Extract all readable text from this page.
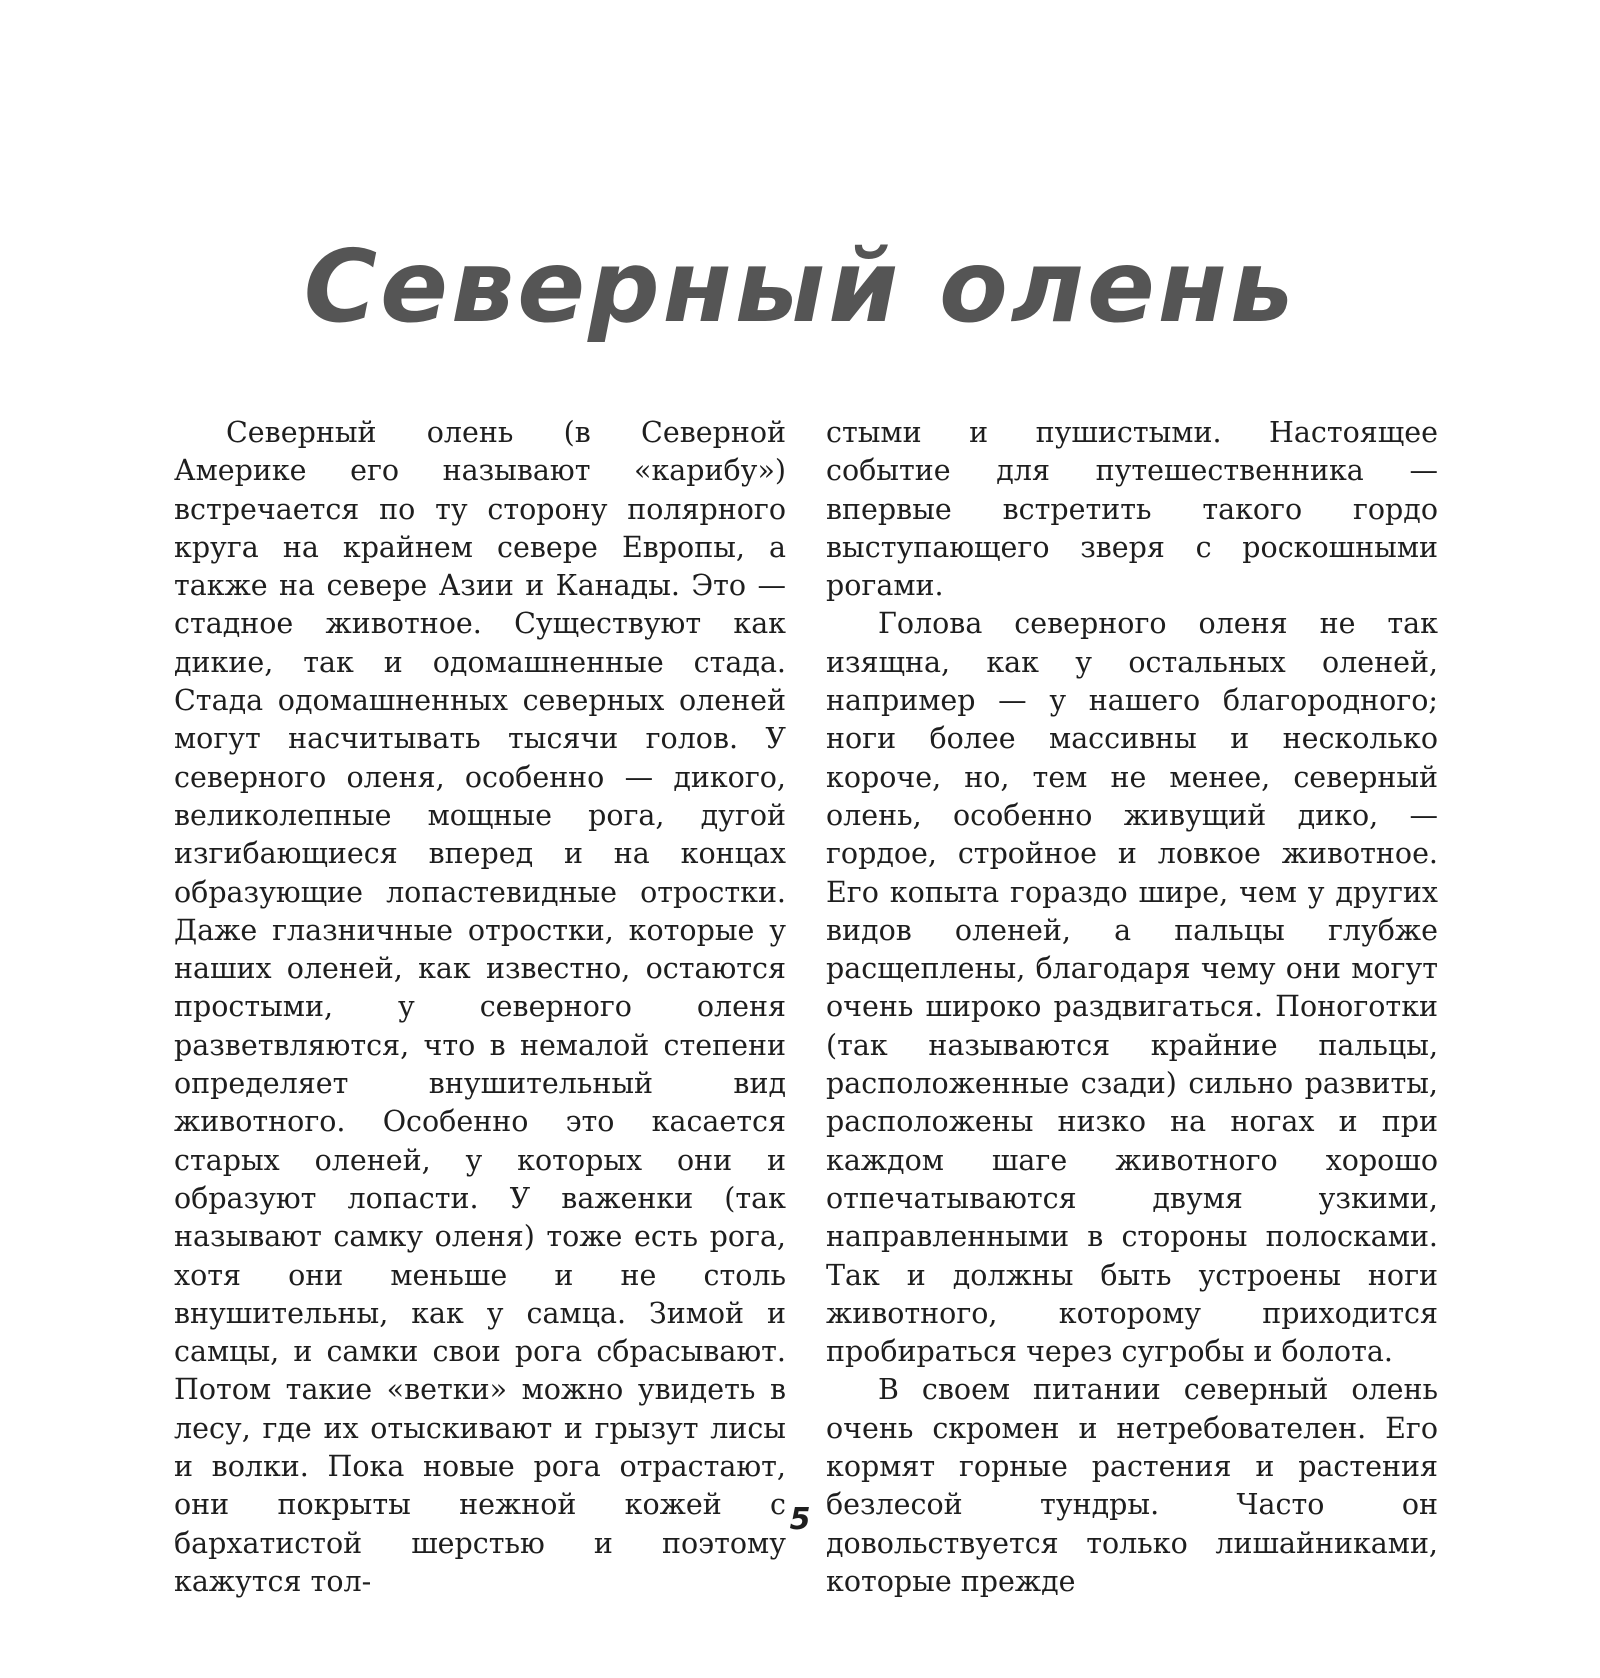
Северный олень

Северный олень (в Северной Америке его называют «карибу») встречается по ту сторону полярного круга на крайнем севере Европы, а также на севере Азии и Канады. Это — стадное животное. Существуют как дикие, так и одомашненные стада. Стада одомашненных северных оленей могут насчитывать тысячи голов. У северного оленя, особенно — дикого, великолепные мощные рога, дугой изгибающиеся вперед и на концах образующие лопастевидные отростки. Даже глазничные отростки, которые у наших оленей, как известно, остаются простыми, у северного оленя разветвляются, что в немалой степени определяет внушительный вид животного. Особенно это касается старых оленей, у которых они и образуют лопасти. У важенки (так называют самку оленя) тоже есть рога, хотя они меньше и не столь внушительны, как у самца. Зимой и самцы, и самки свои рога сбрасывают. Потом такие «ветки» можно увидеть в лесу, где их отыскивают и грызут лисы и волки. Пока новые рога отрастают, они покрыты нежной кожей с бархатистой шерстью и поэтому кажутся тол-

стыми и пушистыми. Настоящее событие для путешественника — впервые встретить такого гордо выступающего зверя с роскошными рогами.

Голова северного оленя не так изящна, как у остальных оленей, например — у нашего благородного; ноги более массивны и несколько короче, но, тем не менее, северный олень, особенно живущий дико, — гордое, стройное и ловкое животное. Его копыта гораздо шире, чем у других видов оленей, а пальцы глубже расщеплены, благодаря чему они могут очень широко раздвигаться. Поноготки (так называются крайние пальцы, расположенные сзади) сильно развиты, расположены низко на ногах и при каждом шаге животного хорошо отпечатываются двумя узкими, направленными в стороны полосками. Так и должны быть устроены ноги животного, которому приходится пробираться через сугробы и болота.

В своем питании северный олень очень скромен и нетребователен. Его кормят горные растения и растения безлесой тундры. Часто он довольствуется только лишайниками, которые прежде

5
